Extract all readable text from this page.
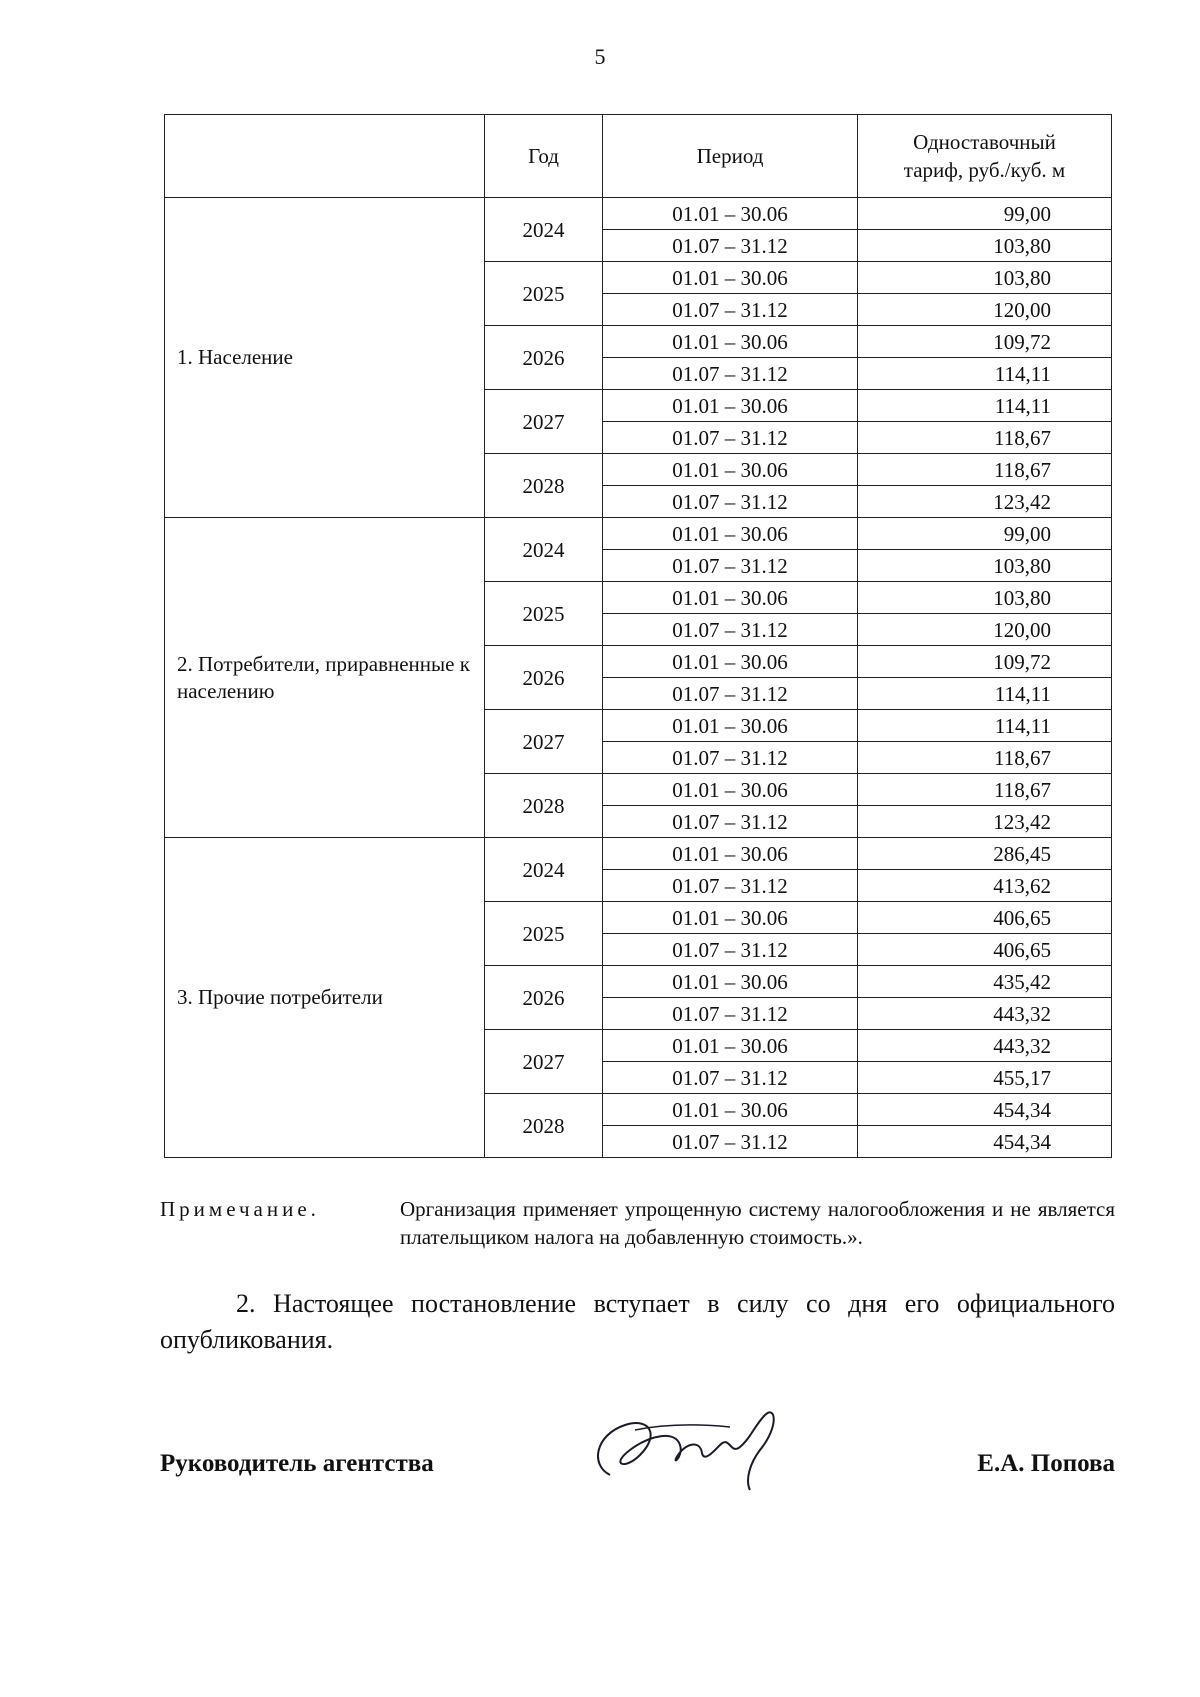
5
	Год	Период	Одноставочный
тариф, руб./куб. м
1. Население	2024	01.01 – 30.06	99,00
		01.07 – 31.12	103,80
	2025	01.01 – 30.06	103,80
		01.07 – 31.12	120,00
	2026	01.01 – 30.06	109,72
		01.07 – 31.12	114,11
	2027	01.01 – 30.06	114,11
		01.07 – 31.12	118,67
	2028	01.01 – 30.06	118,67
		01.07 – 31.12	123,42
2. Потребители, приравненные к населению	2024	01.01 – 30.06	99,00
		01.07 – 31.12	103,80
	2025	01.01 – 30.06	103,80
		01.07 – 31.12	120,00
	2026	01.01 – 30.06	109,72
		01.07 – 31.12	114,11
	2027	01.01 – 30.06	114,11
		01.07 – 31.12	118,67
	2028	01.01 – 30.06	118,67
		01.07 – 31.12	123,42
3. Прочие потребители	2024	01.01 – 30.06	286,45
		01.07 – 31.12	413,62
	2025	01.01 – 30.06	406,65
		01.07 – 31.12	406,65
	2026	01.01 – 30.06	435,42
		01.07 – 31.12	443,32
	2027	01.01 – 30.06	443,32
		01.07 – 31.12	455,17
	2028	01.01 – 30.06	454,34
		01.07 – 31.12	454,34
Примечание.	Организация применяет упрощенную систему налогообложения и не является плательщиком налога на добавленную стоимость.».
2. Настоящее постановление вступает в силу со дня его официального опубликования.
Руководитель агентства	Е.А. Попова
